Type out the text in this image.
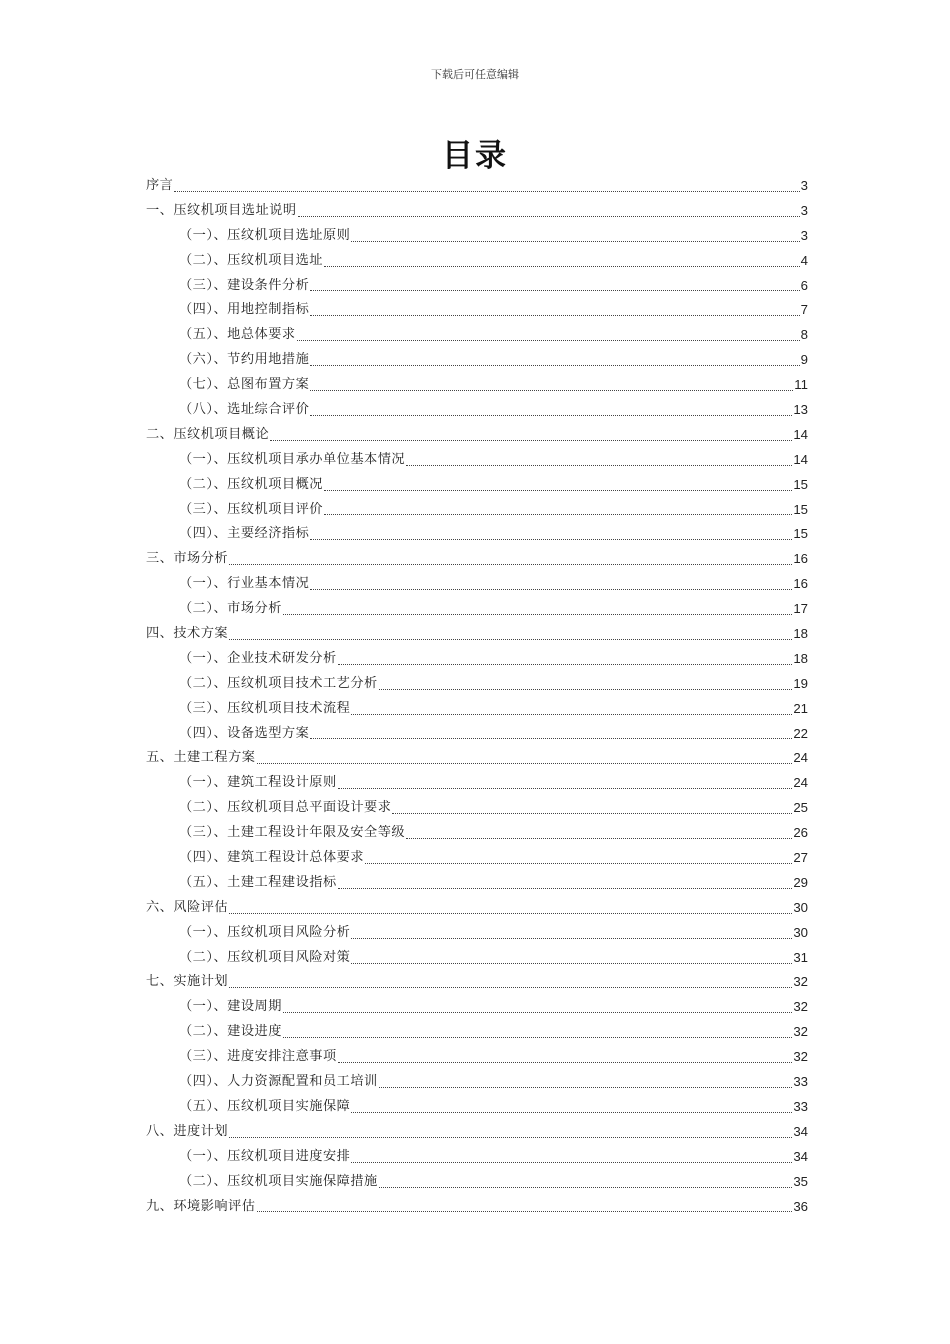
下载后可任意编辑
目录
序言	3
一、压纹机项目选址说明	3
（一）、压纹机项目选址原则	3
（二）、压纹机项目选址	4
（三）、建设条件分析	6
（四）、用地控制指标	7
（五）、地总体要求	8
（六）、节约用地措施	9
（七）、总图布置方案	11
（八）、选址综合评价	13
二、压纹机项目概论	14
（一）、压纹机项目承办单位基本情况	14
（二）、压纹机项目概况	15
（三）、压纹机项目评价	15
（四）、主要经济指标	15
三、市场分析	16
（一）、行业基本情况	16
（二）、市场分析	17
四、技术方案	18
（一）、企业技术研发分析	18
（二）、压纹机项目技术工艺分析	19
（三）、压纹机项目技术流程	21
（四）、设备选型方案	22
五、土建工程方案	24
（一）、建筑工程设计原则	24
（二）、压纹机项目总平面设计要求	25
（三）、土建工程设计年限及安全等级	26
（四）、建筑工程设计总体要求	27
（五）、土建工程建设指标	29
六、风险评估	30
（一）、压纹机项目风险分析	30
（二）、压纹机项目风险对策	31
七、实施计划	32
（一）、建设周期	32
（二）、建设进度	32
（三）、进度安排注意事项	32
（四）、人力资源配置和员工培训	33
（五）、压纹机项目实施保障	33
八、进度计划	34
（一）、压纹机项目进度安排	34
（二）、压纹机项目实施保障措施	35
九、环境影响评估	36
